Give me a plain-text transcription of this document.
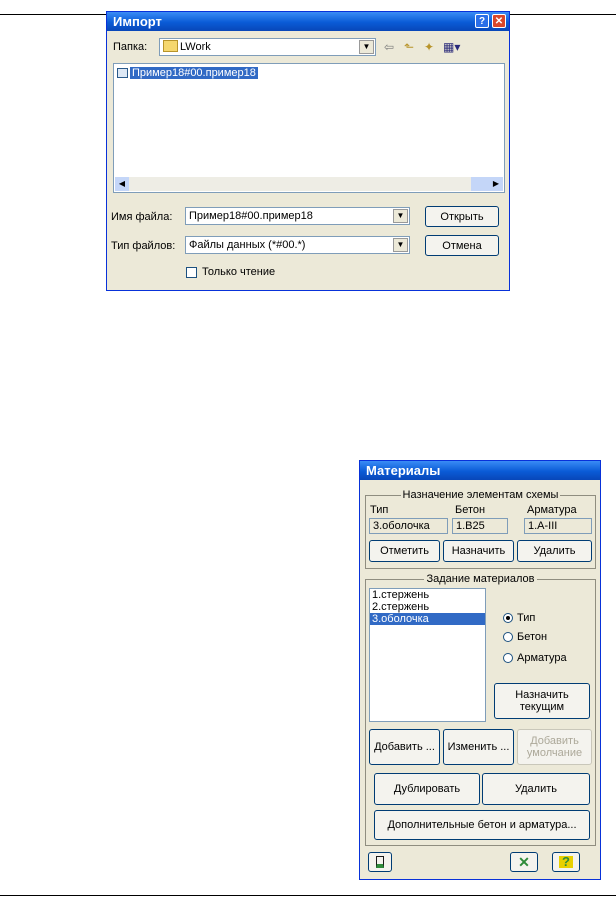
Импорт	? ✕
Папка:	LWork	▼ ⇦ ⬑ ✦ ▦▾
Пример18#00.пример18
◀	▶
Имя файла:	Пример18#00.пример18	▼	Открыть
Тип файлов:	Файлы данных (*#00.*)	▼	Отмена
Только чтение
Материалы
Назначение элементам схемы
Тип	Бетон	Арматура
3.оболочка	1.B25	1.A-III
Отметить	Назначить	Удалить
Задание материалов
1.стержень
2.стержень
3.оболочка	Тип
Бетон
Арматура
Назначить
текущим
Добавить ...	Изменить ...	Добавить
умолчание
Дублировать	Удалить
Дополнительные бетон и арматура...
✕ ?
